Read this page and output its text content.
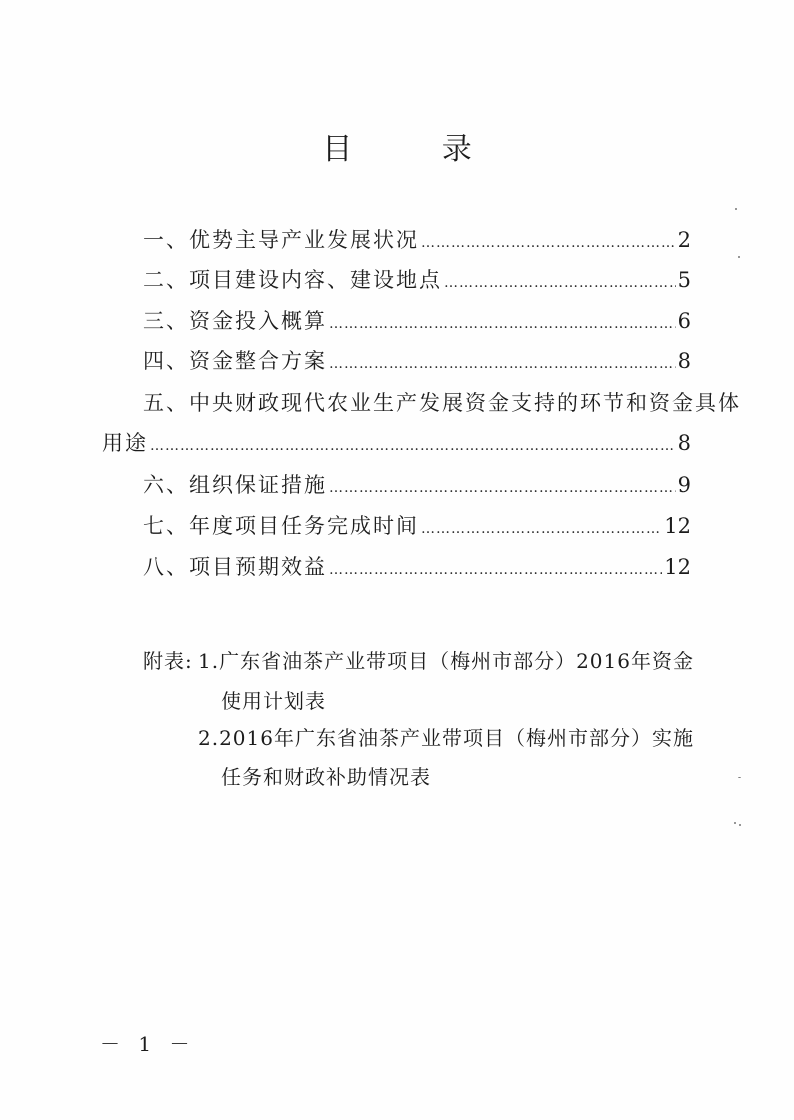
目 录
一、优势主导产业发展状况 …………………………………………………………………………………………………………	2
二、项目建设内容、建设地点 …………………………………………………………………………………………………………	5
三、资金投入概算 …………………………………………………………………………………………………………	6
四、资金整合方案 …………………………………………………………………………………………………………	8
五、中央财政现代农业生产发展资金支持的环节和资金具体
用途 …………………………………………………………………………………………………………	8
六、组织保证措施 …………………………………………………………………………………………………………	9
七、年度项目任务完成时间 …………………………………………………………………………………………………………	12
八、项目预期效益 …………………………………………………………………………………………………………	12
附表: 1.广东省油茶产业带项目（梅州市部分）2016年资金
使用计划表
2.2016年广东省油茶产业带项目（梅州市部分）实施
任务和财政补助情况表
－ 1 －
